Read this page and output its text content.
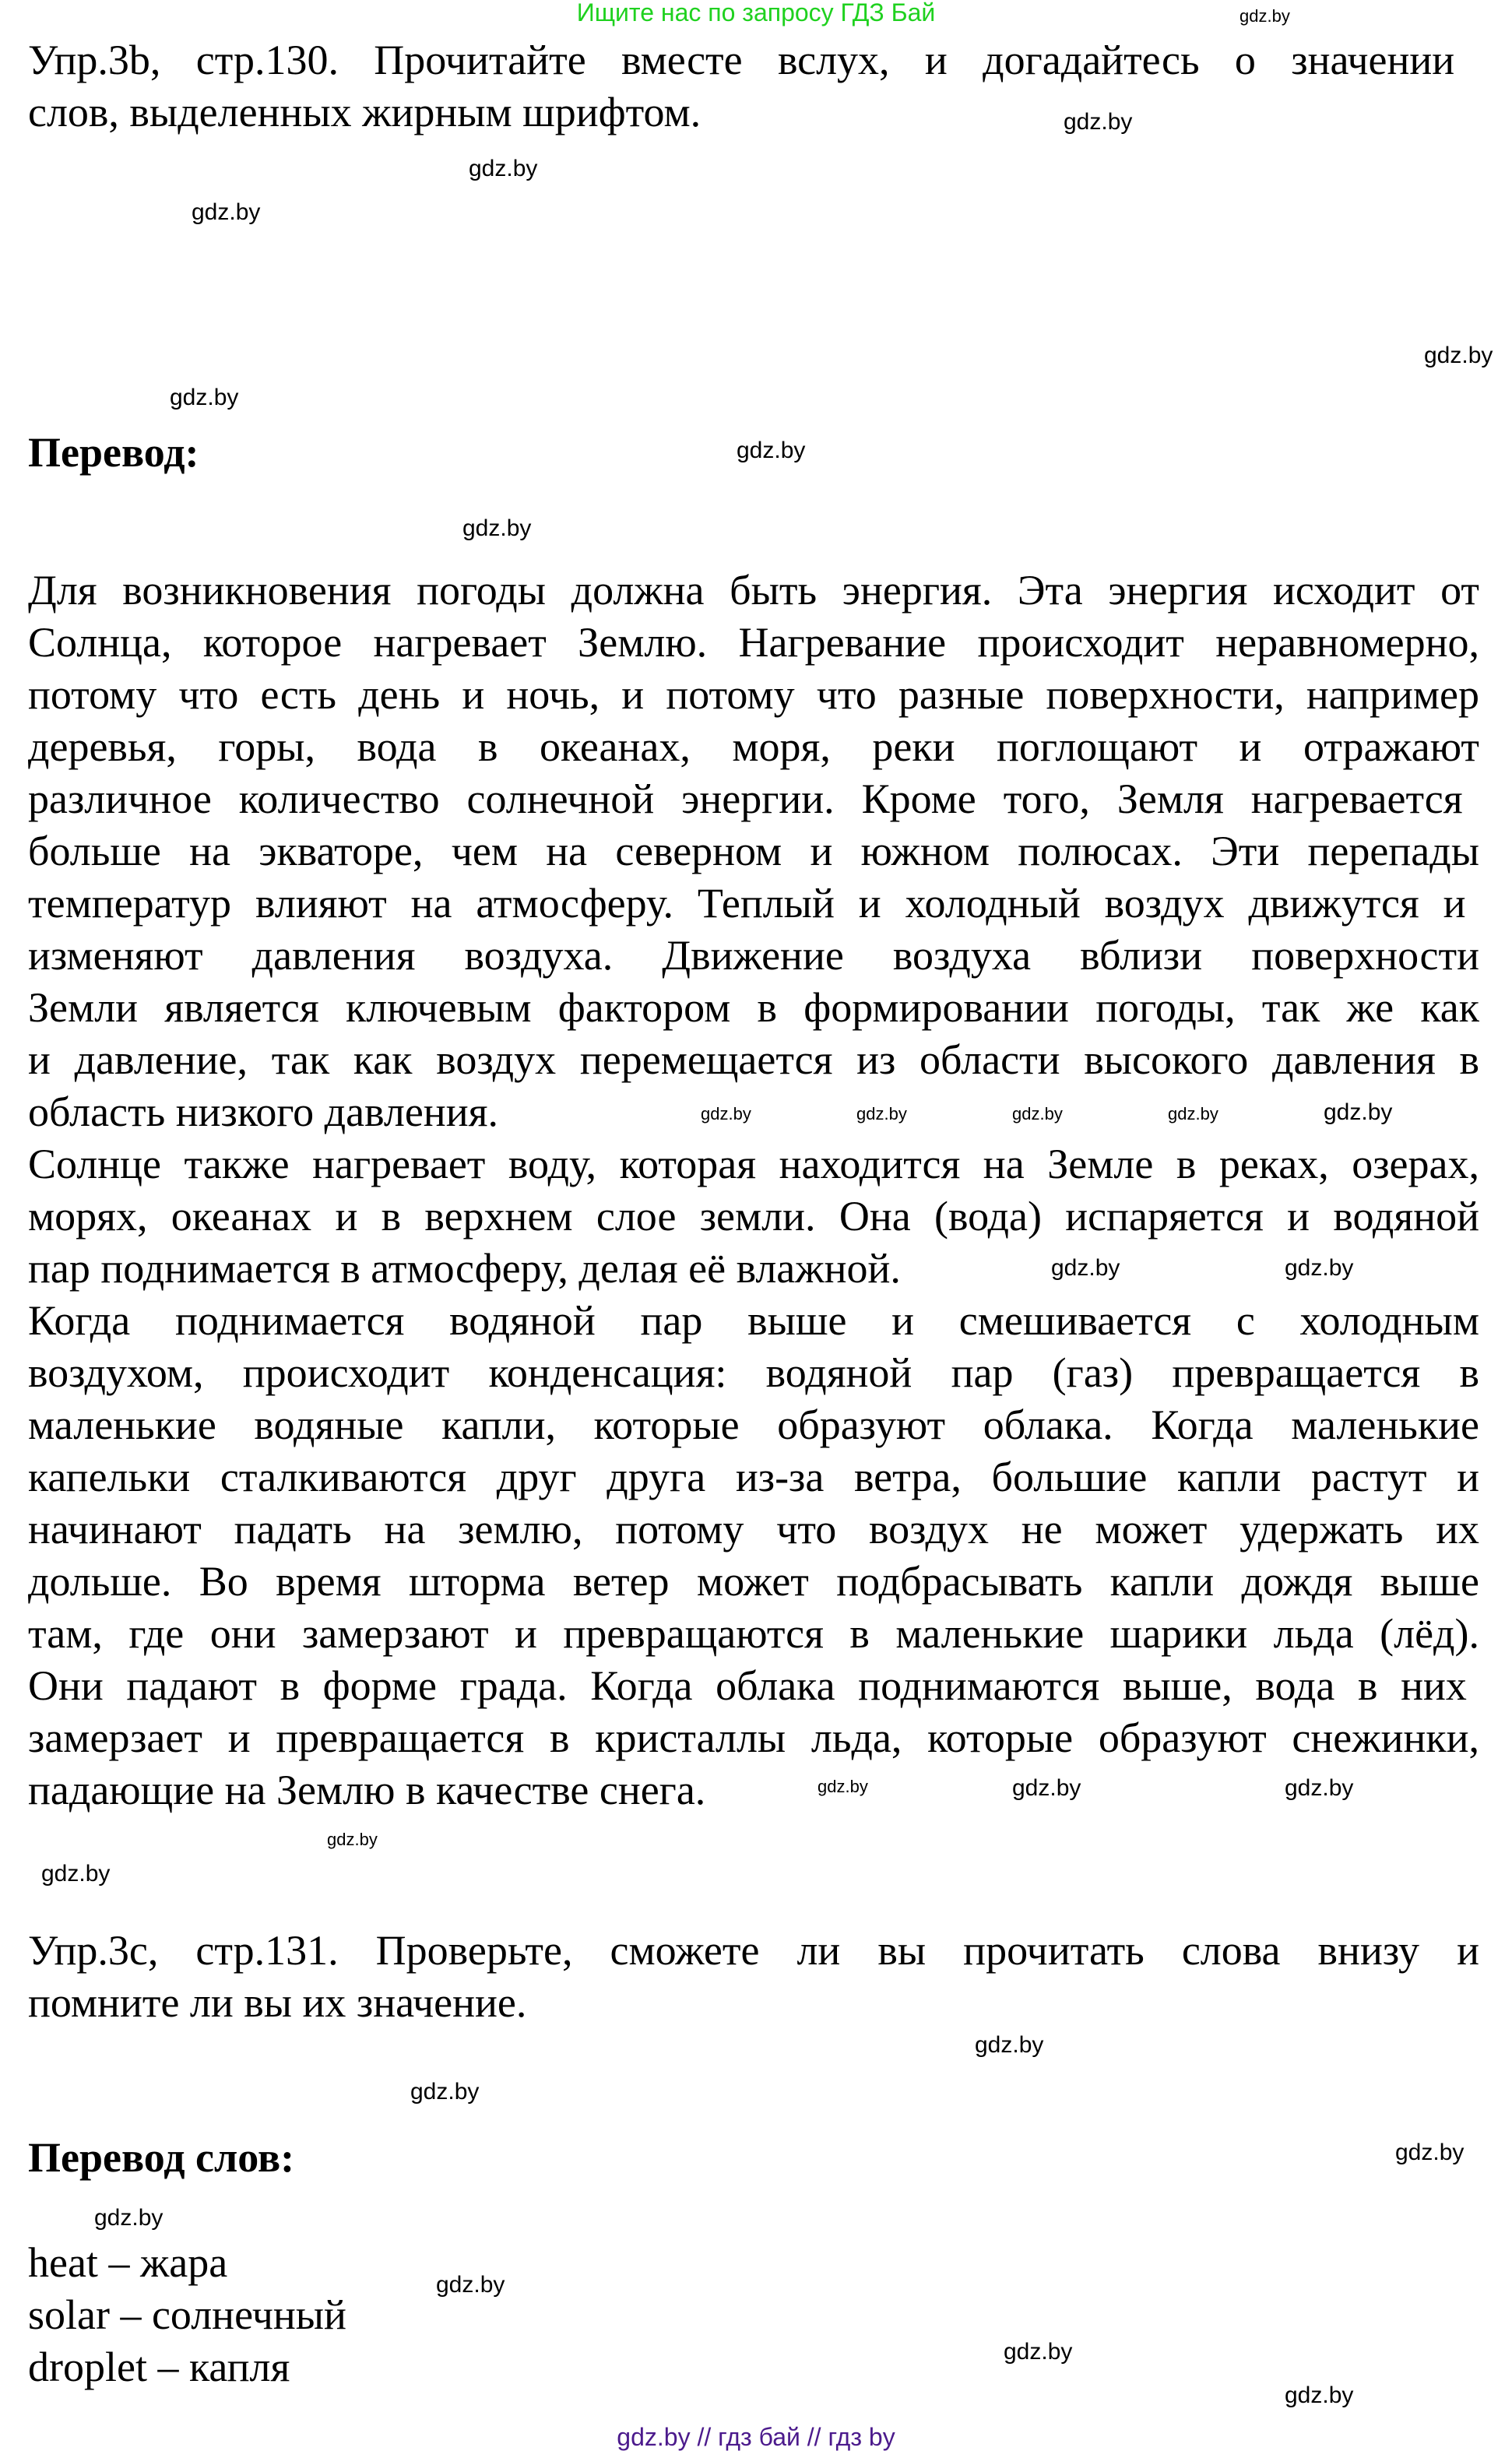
Ищите нас по запросу ГДЗ Бай
Упр.3b, стр.130. Прочитайте вместе вслух, и догадайтесь о значении
слов, выделенных жирным шрифтом.
Перевод:
Для возникновения погоды должна быть энергия. Эта энергия исходит от
Солнца, которое нагревает Землю. Нагревание происходит неравномерно,
потому что есть день и ночь, и потому что разные поверхности, например
деревья, горы, вода в океанах, моря, реки поглощают и отражают
различное количество солнечной энергии. Кроме того, Земля нагревается
больше на экваторе, чем на северном и южном полюсах. Эти перепады
температур влияют на атмосферу. Теплый и холодный воздух движутся и
изменяют давления воздуха. Движение воздуха вблизи поверхности
Земли является ключевым фактором в формировании погоды, так же как
и давление, так как воздух перемещается из области высокого давления в
область низкого давления.
Солнце также нагревает воду, которая находится на Земле в реках, озерах,
морях, океанах и в верхнем слое земли. Она (вода) испаряется и водяной
пар поднимается в атмосферу, делая её влажной.
Когда поднимается водяной пар выше и смешивается с холодным
воздухом, происходит конденсация: водяной пар (газ) превращается в
маленькие водяные капли, которые образуют облака. Когда маленькие
капельки сталкиваются друг друга из-за ветра, большие капли растут и
начинают падать на землю, потому что воздух не может удержать их
дольше. Во время шторма ветер может подбрасывать капли дождя выше
там, где они замерзают и превращаются в маленькие шарики льда (лёд).
Они падают в форме града. Когда облака поднимаются выше, вода в них
замерзает и превращается в кристаллы льда, которые образуют снежинки,
падающие на Землю в качестве снега.
Упр.3с, стр.131. Проверьте, сможете ли вы прочитать слова внизу и
помните ли вы их значение.
Перевод слов:
heat – жара
solar – солнечный
droplet – капля
gdz.by
gdz.by
gdz.by
gdz.by
gdz.by
gdz.by
gdz.by
gdz.by
gdz.by	gdz.by	gdz.by	gdz.by	gdz.by
gdz.by	gdz.by
gdz.by	gdz.by	gdz.by
gdz.by
gdz.by
gdz.by
gdz.by
gdz.by
gdz.by
gdz.by
gdz.by
gdz.by
gdz.by // гдз бай // гдз by
